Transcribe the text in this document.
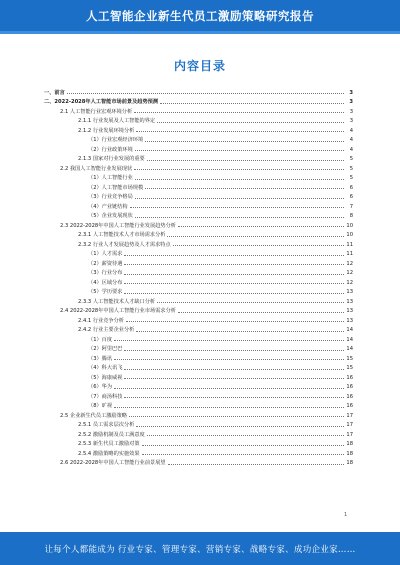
人工智能企业新生代员工激励策略研究报告
内容目录
一、前言	3
二、2022-2028年人工智能市场前景及趋势预测	3
2.1 人工智能行业宏观环境分析	3
2.1.1 行业发展及人工智能的界定	3
2.1.2 行业发展环境分析	4
（1）行业宏观经济环境	4
（2）行业政策环境	4
2.1.3 国家对行业发展的重要	5
2.2 我国人工智能行业发展现状	5
（1）人工智能行业	5
（2）人工智能市场规模	6
（3）行业竞争格局	6
（4）产业链结构	7
（5）企业发展现状	8
2.3 2022-2028年中国人工智能行业发展趋势分析	10
2.3.1 人工智能技术人才市场需求分析	10
2.3.2 行业人才发展趋势及人才需求特点	11
（1）人才需求	11
（2）薪资待遇	12
（3）行业分布	12
（4）区域分布	12
（5）学历要求	13
2.3.3 人工智能技术人才缺口分析	13
2.4 2022-2028年中国人工智能行业市场需求分析	13
2.4.1 行业竞争分析	13
2.4.2 行业主要企业分析	14
（1）百度	14
（2）阿里巴巴	14
（3）腾讯	15
（4）科大讯飞	15
（5）海康威视	16
（6）华为	16
（7）商汤科技	16
（8）旷视	16
2.5 企业新生代员工激励策略	17
2.5.1 员工需求层次分析	17
2.5.2 激励机制及员工满意度	17
2.5.3 新生代员工激励对策	18
2.5.4 激励策略的实施效果	18
2.6 2022-2028年中国人工智能行业前景展望	18
1
让每个人都能成为 行业专家、管理专家、营销专家、战略专家、成功企业家……
